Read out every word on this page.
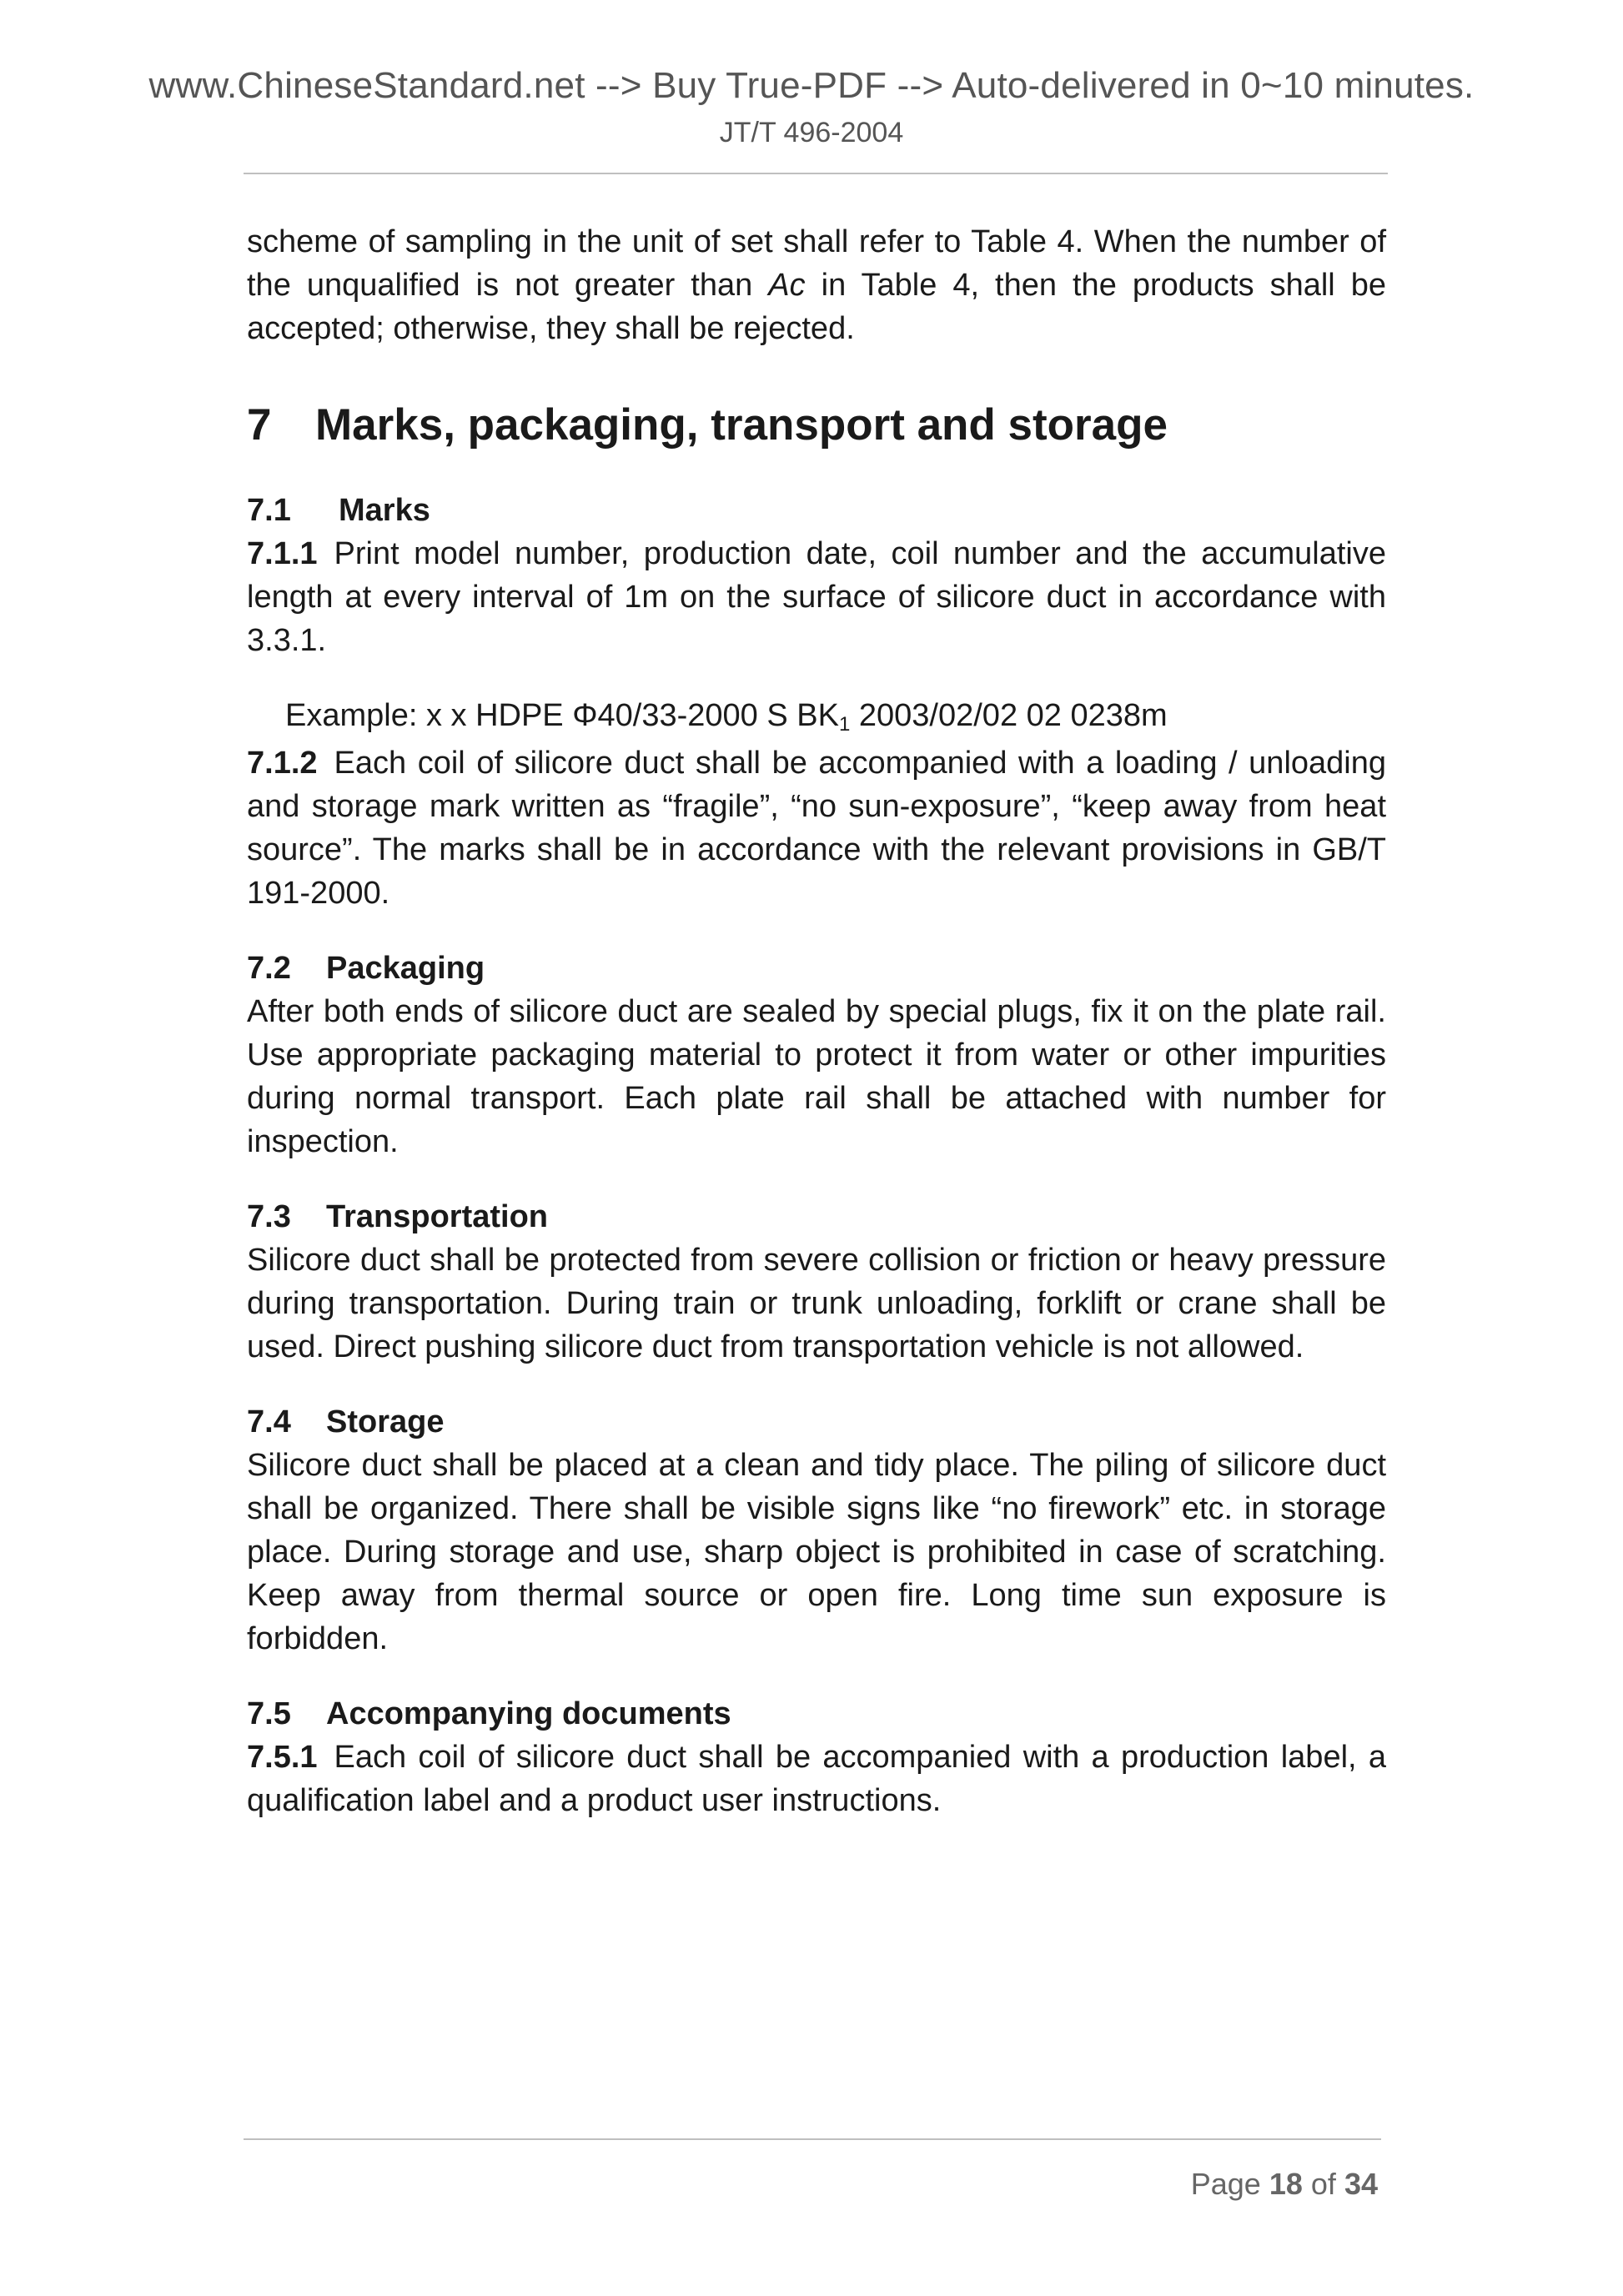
www.ChineseStandard.net --> Buy True-PDF --> Auto-delivered in 0~10 minutes.
JT/T 496-2004

scheme of sampling in the unit of set shall refer to Table 4. When the number of the unqualified is not greater than Ac in Table 4, then the products shall be accepted; otherwise, they shall be rejected.

7 Marks, packaging, transport and storage
7.1 Marks

7.1.1 Print model number, production date, coil number and the accumulative length at every interval of 1m on the surface of silicore duct in accordance with 3.3.1.

Example: x x HDPE Φ40/33-2000 S $BK_1$ 2003/02/02 02 0238m

7.1.2 Each coil of silicore duct shall be accompanied with a loading / unloading and storage mark written as “fragile”, “no sun-exposure”, “keep away from heat source”. The marks shall be in accordance with the relevant provisions in GB/T 191-2000.

7.2 Packaging

After both ends of silicore duct are sealed by special plugs, fix it on the plate rail. Use appropriate packaging material to protect it from water or other impurities during normal transport. Each plate rail shall be attached with number for inspection.

7.3 Transportation

Silicore duct shall be protected from severe collision or friction or heavy pressure during transportation. During train or trunk unloading, forklift or crane shall be used. Direct pushing silicore duct from transportation vehicle is not allowed.

7.4 Storage

Silicore duct shall be placed at a clean and tidy place. The piling of silicore duct shall be organized. There shall be visible signs like “no firework” etc. in storage place. During storage and use, sharp object is prohibited in case of scratching. Keep away from thermal source or open fire. Long time sun exposure is forbidden.

7.5 Accompanying documents

7.5.1 Each coil of silicore duct shall be accompanied with a production label, a qualification label and a product user instructions.

Page 18 of 34
